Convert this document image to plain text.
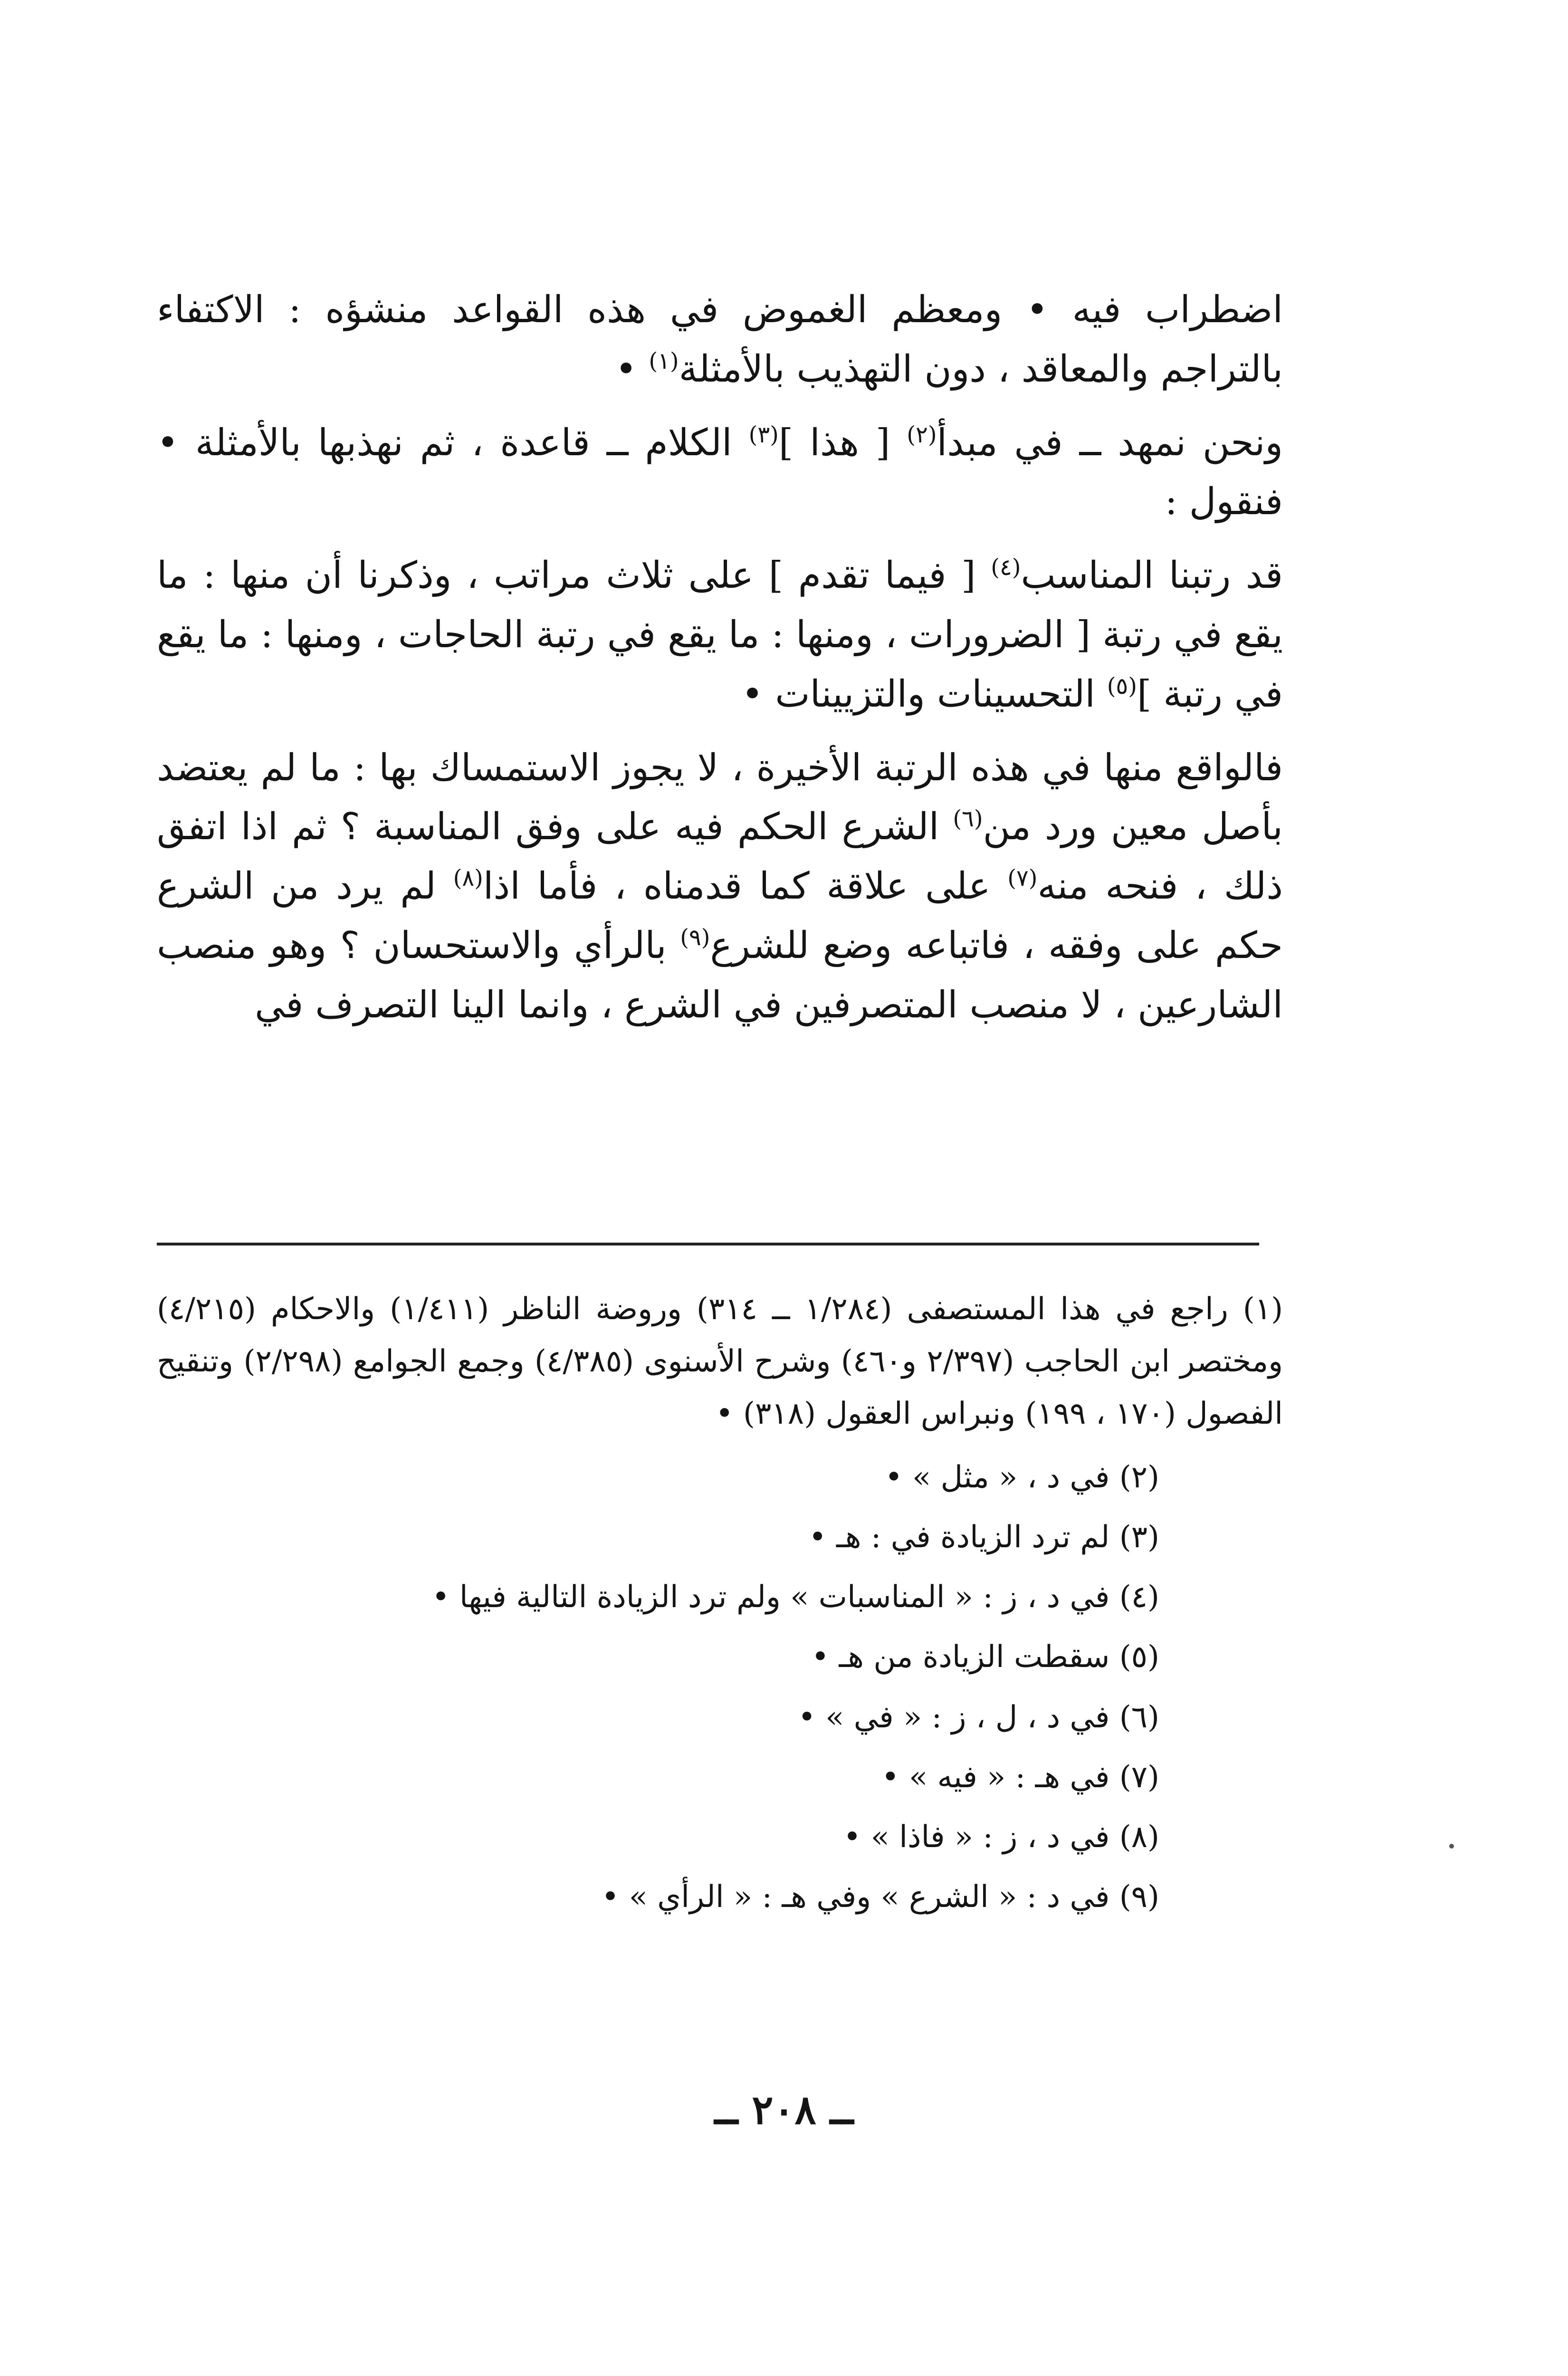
اضطراب فيه • ومعظم الغموض في هذه القواعد منشؤه : الاكتفاء بالتراجم والمعاقد ، دون التهذيب بالأمثلة$^{(١)}$ •

ونحن نمهد ــ في مبدأ$^{(٢)}$ [ هذا ]$^{(٣)}$ الكلام ــ قاعدة ، ثم نهذبها بالأمثلة • فنقول :

قد رتبنا المناسب$^{(٤)}$ [ فيما تقدم ] على ثلاث مراتب ، وذكرنا أن منها : ما يقع في رتبة [ الضرورات ، ومنها : ما يقع في رتبة الحاجات ، ومنها : ما يقع في رتبة ]$^{(٥)}$ التحسينات والتزيينات •

فالواقع منها في هذه الرتبة الأخيرة ، لا يجوز الاستمساك بها : ما لم يعتضد بأصل معين ورد من$^{(٦)}$ الشرع الحكم فيه على وفق المناسبة ؟ ثم اذا اتفق ذلك ، فنحه منه$^{(٧)}$ على علاقة كما قدمناه ، فأما اذا$^{(٨)}$ لم يرد من الشرع حكم على وفقه ، فاتباعه وضع للشرع$^{(٩)}$ بالرأي والاستحسان ؟ وهو منصب الشارعين ، لا منصب المتصرفين في الشرع ، وانما الينا التصرف في

(١) راجع في هذا المستصفى (١/٢٨٤ ــ ٣١٤) وروضة الناظر (١/٤١١) والاحكام (٤/٢١٥) ومختصر ابن الحاجب (٢/٣٩٧ و٤٦٠) وشرح الأسنوى (٤/٣٨٥) وجمع الجوامع (٢/٢٩٨) وتنقيح الفصول (١٧٠ ، ١٩٩) ونبراس العقول (٣١٨) •

(٢) في د ، « مثل » •
(٣) لم ترد الزيادة في : هـ •
(٤) في د ، ز : « المناسبات » ولم ترد الزيادة التالية فيها •
(٥) سقطت الزيادة من هـ •
(٦) في د ، ل ، ز : « في » •
(٧) في هـ : « فيه » •
(٨) في د ، ز : « فاذا » •
(٩) في د : « الشرع » وفي هـ : « الرأي » •
ــ ٢٠٨ ــ
